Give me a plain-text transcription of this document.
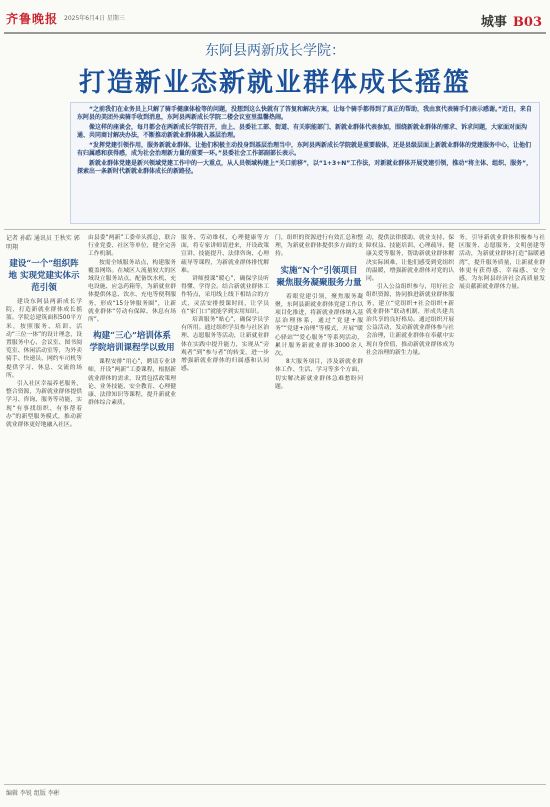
齐鲁晚报 2025年6月4日 星期三	城事 B03
东阿县两新成长学院：
打造新业态新就业群体成长摇篮

“之前我们在业务员上只解了骑手健康体检等的问题，没想到这么快就有了答复和解决方案，让每个骑手都得到了真正的帮助，我由衷代表骑手们表示感谢。”近日，来自东阿县的美团外卖骑手收到消息，东阿县两新成长学院二楼会议室里温馨热闹。

像这样的座谈会，每月都会在两新成长学院召开，由上、县委社工部、街道、有关职能部门、新就业群体代表参加，围绕新就业群体的需求、诉求问题，大家面对面沟通、共同商讨解决办法，不断推动新就业群体融入基层治理。

“发挥党建引领作用，服务新就业群体，让他们积极主动投身到基层治理当中，东阿县两新成长学院就是重要载体，还是县级层面上新就业群体的党建服务中心，让他们有归属感和获得感，成为社会治理新力量的重要一环。”县委社会工作部副部长表示。

新就业群体党建是新兴领域党建工作中的一大重点，从人员领域构建上“关口前移”，以“1+3+N”工作法，对新就业群体开展党建引领，推动“将主体、组织、服务”，探索出一条新时代新就业群体成长的新路径。

记者 孙皓 通讯员 王秋实 郭明翔
建设“一个”组织阵地 实现党建实体示范引领

建设东阿县两新成长学院，打造新就业群体成长摇篮。学院总建筑面积500平方米，按照服务、培训、活动“三位一体”的设计理念，设置服务中心、会议室、图书阅览室、休闲活动室等，为外卖骑手、快递员、网约车司机等提供学习、休息、交流的场所。

引入社区幸福养老服务，整合资源，为新就业群体提供学习、咨询、服务等功能，实现“有事找组织、有事帮着办”的新型服务模式，推动新就业群体更好地融入社区。

由县委“两新”工委牵头抓总，联合行业党委、社区等单位，健全完善工作机制。

按需全域服务站点，构建服务覆盖网络。在城区人流量较大的区域设立服务站点，配备饮水机、充电设施、应急药箱等，为新就业群体提供休息、饮水、充电等便利服务，形成“15分钟服务圈”，让新就业群体“劳动有保障、休息有场所”。

构建“三心”培训体系 学院培训课程学以致用

课程安排“用心”，聘请专业讲师，开设“两新”工委课程，根据新就业群体的需求，设置包括政策理论、业务技能、安全教育、心理健康、法律知识等课程，提升新就业群体综合素质。

服务、劳动维权、心理健康等方面，将专家讲师请进来，开设政策宣讲、技能提升、法律咨询、心理疏导等课程，为新就业群体排忧解难。

讲师授课“暖心”，确保学员听得懂、学得会。结合新就业群体工作特点，采用线上线下相结合的方式，灵活安排授课时间，让学员在“家门口”就能学到实用知识。

培训服务“贴心”，确保学员学有所用。通过组织学员参与社区治理、志愿服务等活动，让新就业群体在实践中提升能力，实现从“旁观者”到“参与者”的转变，进一步增强新就业群体的归属感和认同感。

门，组织的资源进行有效汇总和整理，为新就业群体提供多方面的支持。

实施“N个”引领项目 聚焦服务凝聚服务力量

着眼党建引领，聚焦服务凝聚，东阿县新就业群体党建工作以项目化推进，将新就业群体纳入基层治理体系，通过“党建+服务”“党建+治理”等模式，开展“暖心驿站”“爱心服务”等系列活动，累计服务新就业群体3000余人次。

8大服务项目，涉及新就业群体工作、生活、学习等多个方面，切实解决新就业群体急难愁盼问题。

动，提供法律援助、就业支持、保障权益、技能培训、心理疏导、健康关爱等服务，帮助新就业群体解决实际困难，让他们感受到党组织的温暖，增强新就业群体对党的认同。

引入公益组织参与，用好社会组织资源，协同推进新就业群体服务，建立“党组织+社会组织+新就业群体”联动机制，形成共建共治共享的良好格局。通过组织开展公益活动，发动新就业群体参与社会治理，让新就业群体在奉献中实现自身价值，推动新就业群体成为社会治理的新生力量。

务，引导新就业群体积极参与社区服务、志愿服务、文明创建等活动，为新就业群体打造“温暖港湾”，提升服务质量，让新就业群体更有获得感、幸福感、安全感，为东阿县经济社会高质量发展贡献新就业群体力量。

编辑 李锐 组版 李彬
